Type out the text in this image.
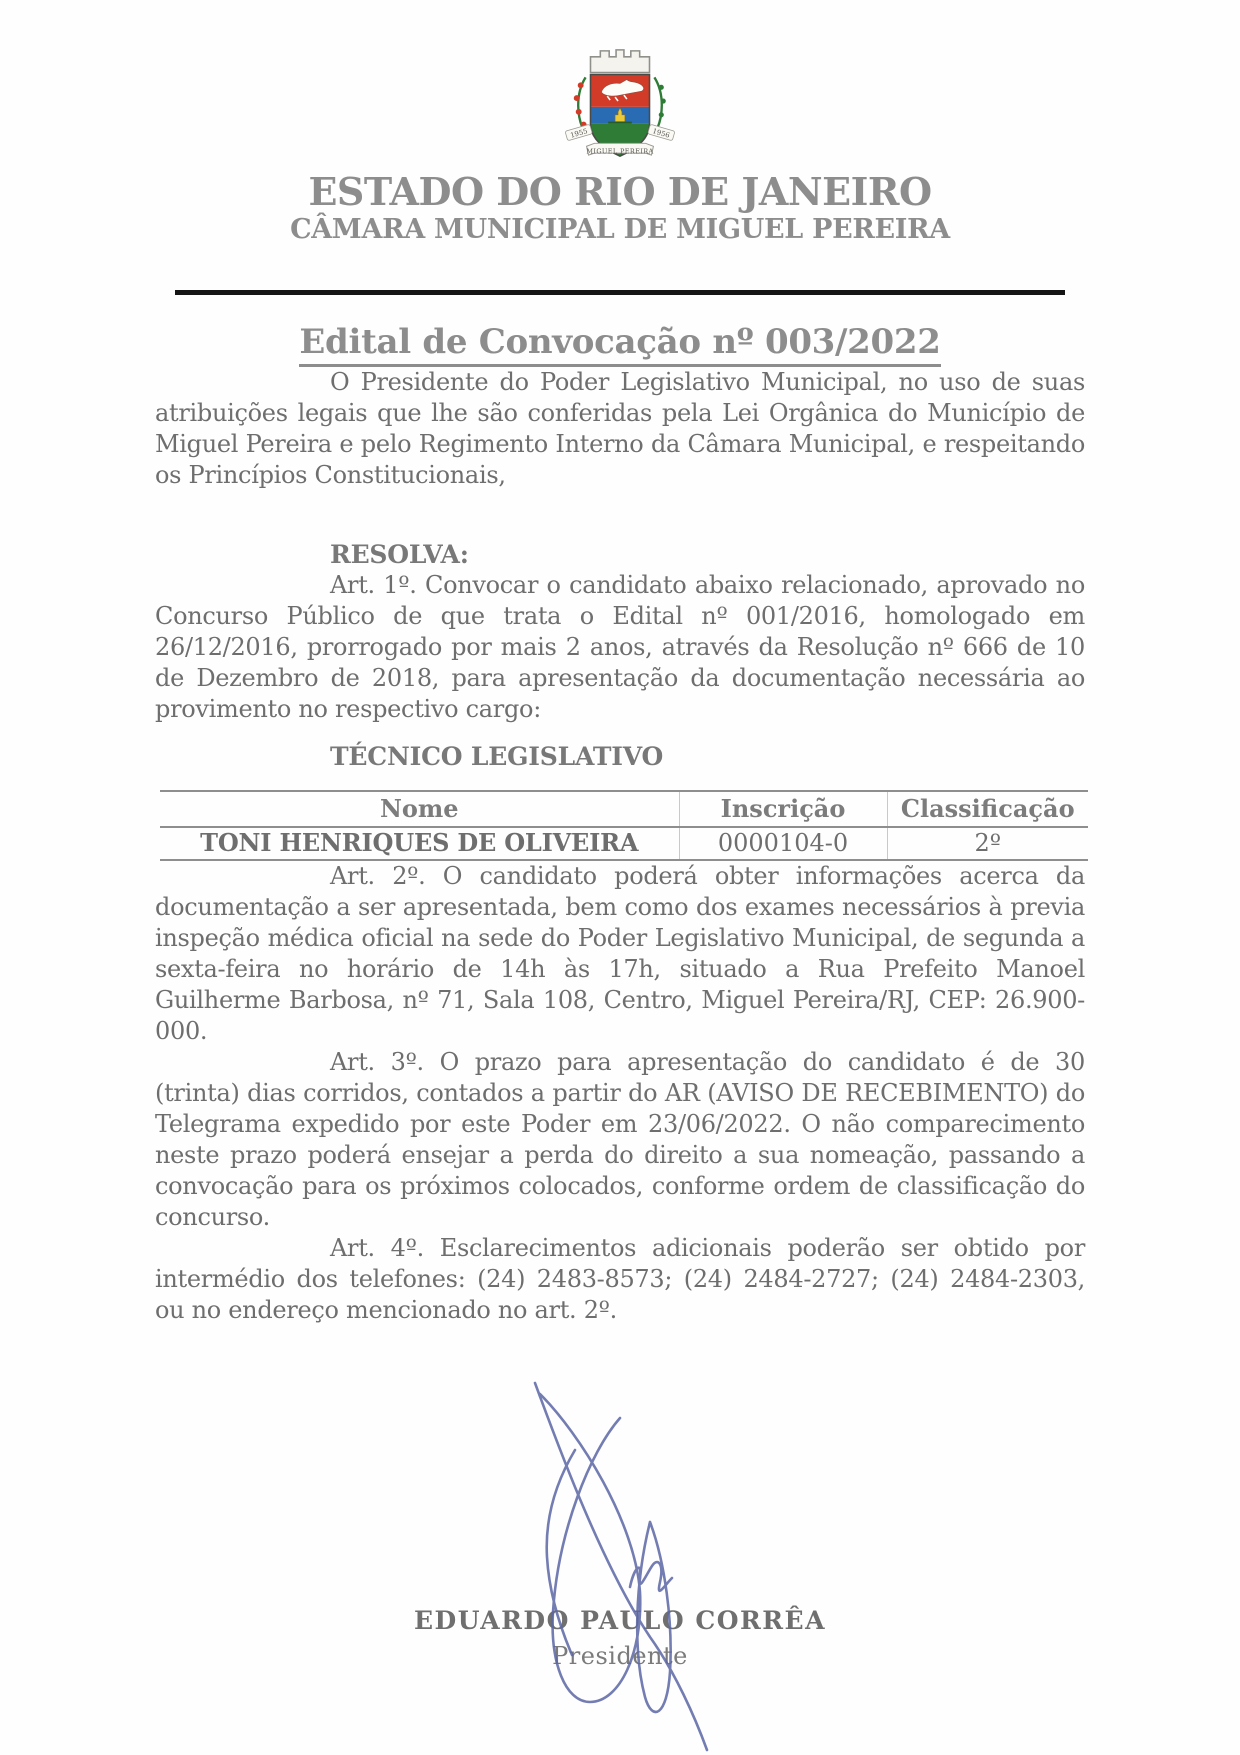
1955	1956
MIGUEL PEREIRA
ESTADO DO RIO DE JANEIRO
CÂMARA MUNICIPAL DE MIGUEL PEREIRA
Edital de Convocação nº 003/2022

O Presidente do Poder Legislativo Municipal, no uso de suas atribuições legais que lhe são conferidas pela Lei Orgânica do Município de Miguel Pereira e pelo Regimento Interno da Câmara Municipal, e respeitando os Princípios Constitucionais,

RESOLVA:

Art. 1º. Convocar o candidato abaixo relacionado, aprovado no Concurso Público de que trata o Edital nº 001/2016, homologado em 26/12/2016, prorrogado por mais 2 anos, através da Resolução nº 666 de 10 de Dezembro de 2018, para apresentação da documentação necessária ao provimento no respectivo cargo:

TÉCNICO LEGISLATIVO

Nome	Inscrição	Classificação
TONI HENRIQUES DE OLIVEIRA	0000104-0	2º

Art. 2º. O candidato poderá obter informações acerca da documentação a ser apresentada, bem como dos exames necessários à previa inspeção médica oficial na sede do Poder Legislativo Municipal, de segunda a sexta-feira no horário de 14h às 17h, situado a Rua Prefeito Manoel Guilherme Barbosa, nº 71, Sala 108, Centro, Miguel Pereira/RJ, CEP: 26.900-000.

Art. 3º. O prazo para apresentação do candidato é de 30 (trinta) dias corridos, contados a partir do AR (AVISO DE RECEBIMENTO) do Telegrama expedido por este Poder em 23/06/2022. O não comparecimento neste prazo poderá ensejar a perda do direito a sua nomeação, passando a convocação para os próximos colocados, conforme ordem de classificação do concurso.

Art. 4º. Esclarecimentos adicionais poderão ser obtido por intermédio dos telefones: (24) 2483-8573; (24) 2484-2727; (24) 2484-2303, ou no endereço mencionado no art. 2º.

EDUARDO PAULO CORRÊA

Presidente
